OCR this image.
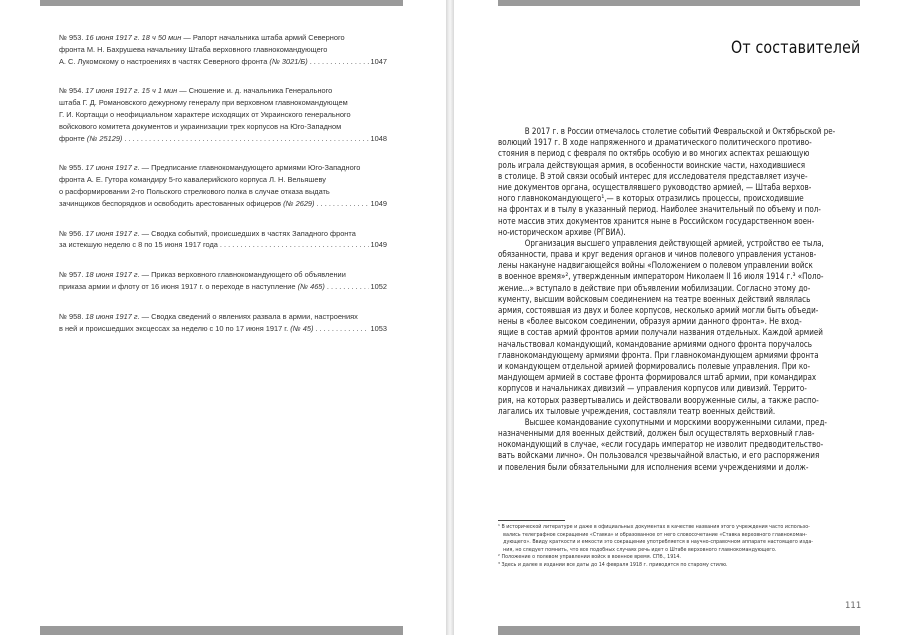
№ 953. 16 июня 1917 г. 18 ч 50 мин — Рапорт начальника штаба армий Северного
фронта М. Н. Бахрушева начальнику Штаба верховного главнокомандующего
А. С. Лукомскому о настроениях в частях Северного фронта (№ 3021/Б) . . .	1047
№ 954. 17 июня 1917 г. 15 ч 1 мин — Сношение и. д. начальника Генерального
штаба Г. Д. Романовского дежурному генералу при верховном главнокомандующем
Г. И. Кортацци о неофициальном характере исходящих от Украинского генерального
войскового комитета документов и украинизации трех корпусов на Юго-Западном
фронте (№ 25129) . . .	1048
№ 955. 17 июня 1917 г. — Предписание главнокомандующего армиями Юго-Западного
фронта А. Е. Гутора командиру 5-го кавалерийского корпуса Л. Н. Вельяшеву
о расформировании 2-го Польского стрелкового полка в случае отказа выдать
зачинщиков беспорядков и освободить арестованных офицеров (№ 2629) . . .	1049
№ 956. 17 июня 1917 г. — Сводка событий, происшедших в частях Западного фронта
за истекшую неделю с 8 по 15 июня 1917 года . . .	1049
№ 957. 18 июня 1917 г. — Приказ верховного главнокомандующего об объявлении
приказа армии и флоту от 16 июня 1917 г. о переходе в наступление (№ 465) . . .	1052
№ 958. 18 июня 1917 г. — Сводка сведений о явлениях развала в армии, настроениях
в ней и происшедших эксцессах за неделю с 10 по 17 июня 1917 г. (№ 45) . . .	1053
От составителей
В 2017 г. в России отмечалось столетие событий Февральской и Октябрьской ре-
волюций 1917 г. В ходе напряженного и драматического политического противо-
стояния в период с февраля по октябрь особую и во многих аспектах решающую
роль играла действующая армия, в особенности воинские части, находившиеся
в столице. В этой связи особый интерес для исследователя представляет изуче-
ние документов органа, осуществлявшего руководство армией, — Штаба верхов-
ного главнокомандующего¹,— в которых отразились процессы, происходившие
на фронтах и в тылу в указанный период. Наиболее значительный по объему и пол-
ноте массив этих документов хранится ныне в Российском государственном воен-
но-историческом архиве (РГВИА).
Организация высшего управления действующей армией, устройство ее тыла,
обязанности, права и круг ведения органов и чинов полевого управления установ-
лены накануне надвигающейся войны «Положением о полевом управлении войск
в военное время»², утвержденным императором Николаем II 16 июля 1914 г.³ «Поло-
жение...» вступало в действие при объявлении мобилизации. Согласно этому до-
кументу, высшим войсковым соединением на театре военных действий являлась
армия, состоявшая из двух и более корпусов, несколько армий могли быть объеди-
нены в «более высоком соединении, образуя армии данного фронта». Не вход-
ящие в состав армий фронтов армии получали названия отдельных. Каждой армией
начальствовал командующий, командование армиями одного фронта поручалось
главнокомандующему армиями фронта. При главнокомандующем армиями фронта
и командующем отдельной армией формировались полевые управления. При ко-
мандующем армией в составе фронта формировался штаб армии, при командирах
корпусов и начальниках дивизий — управления корпусов или дивизий. Террито-
рия, на которых развертывались и действовали вооруженные силы, а также распо-
лагались их тыловые учреждения, составляли театр военных действий.
Высшее командование сухопутными и морскими вооруженными силами, пред-
назначенными для военных действий, должен был осуществлять верховный глав-
нокомандующий в случае, «если государь император не изволит предводительство-
вать войсками лично». Он пользовался чрезвычайной властью, и его распоряжения
и повеления были обязательными для исполнения всеми учреждениями и долж-
¹ В исторической литературе и даже в официальных документах в качестве названия этого учреждения часто использо-
вались телеграфное сокращение «Ставка» и образованное от него словосочетание «Ставка верховного главнокоман-
дующего». Ввиду краткости и емкости это сокращение употребляется в научно-справочном аппарате настоящего изда-
ния, но следует помнить, что все подобных случаях речь идет о Штабе верховного главнокомандующего.
² Положение о полевом управлении войск в военное время. СПб., 1914.
³ Здесь и далее в издании все даты до 14 февраля 1918 г. приводятся по старому стилю.
111
